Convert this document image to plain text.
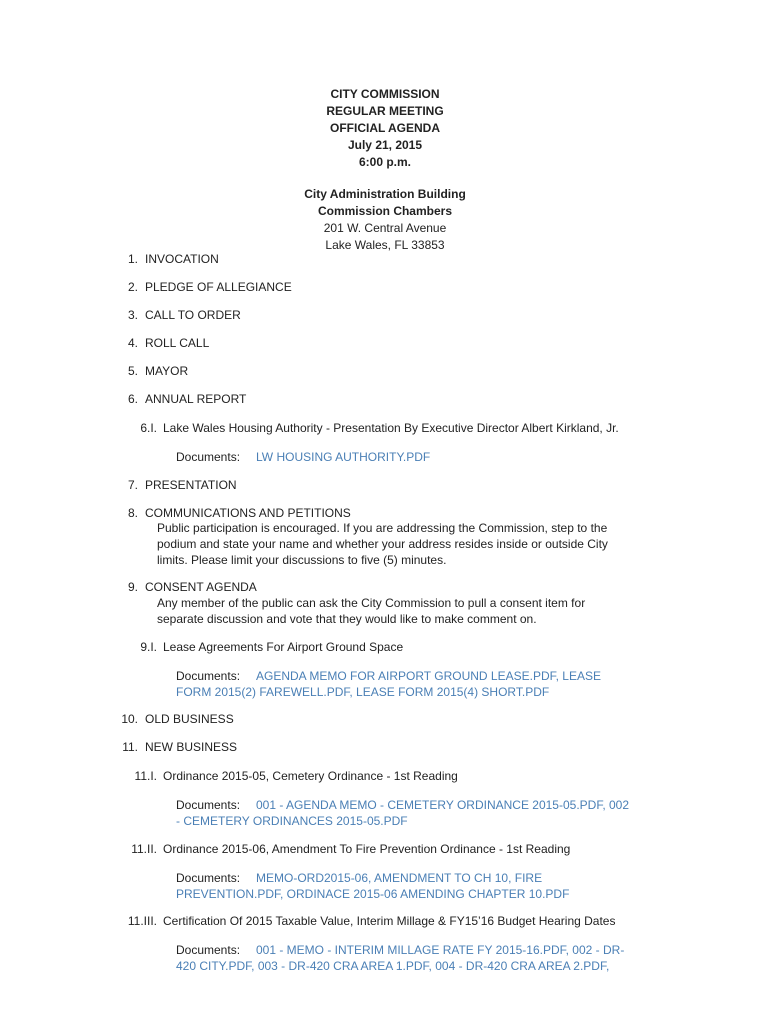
CITY COMMISSION
REGULAR MEETING
OFFICIAL AGENDA
July 21, 2015
6:00 p.m.
City Administration Building
Commission Chambers
201 W. Central Avenue
Lake Wales, FL 33853
1. INVOCATION
2. PLEDGE OF ALLEGIANCE
3. CALL TO ORDER
4. ROLL CALL
5. MAYOR
6. ANNUAL REPORT
6.I. Lake Wales Housing Authority - Presentation By Executive Director Albert Kirkland, Jr.
Documents: LW HOUSING AUTHORITY.PDF
7. PRESENTATION
8. COMMUNICATIONS AND PETITIONS
Public participation is encouraged. If you are addressing the Commission, step to the
podium and state your name and whether your address resides inside or outside City
limits. Please limit your discussions to five (5) minutes.
9. CONSENT AGENDA
Any member of the public can ask the City Commission to pull a consent item for
separate discussion and vote that they would like to make comment on.
9.I. Lease Agreements For Airport Ground Space
Documents: AGENDA MEMO FOR AIRPORT GROUND LEASE.PDF, LEASE
FORM 2015(2) FAREWELL.PDF, LEASE FORM 2015(4) SHORT.PDF
10. OLD BUSINESS
11. NEW BUSINESS
11.I. Ordinance 2015-05, Cemetery Ordinance - 1st Reading
Documents: 001 - AGENDA MEMO - CEMETERY ORDINANCE 2015-05.PDF, 002
- CEMETERY ORDINANCES 2015-05.PDF
11.II. Ordinance 2015-06, Amendment To Fire Prevention Ordinance - 1st Reading
Documents: MEMO-ORD2015-06, AMENDMENT TO CH 10, FIRE
PREVENTION.PDF, ORDINACE 2015-06 AMENDING CHAPTER 10.PDF
11.III. Certification Of 2015 Taxable Value, Interim Millage & FY15’16 Budget Hearing Dates
Documents: 001 - MEMO - INTERIM MILLAGE RATE FY 2015-16.PDF, 002 - DR-
420 CITY.PDF, 003 - DR-420 CRA AREA 1.PDF, 004 - DR-420 CRA AREA 2.PDF,
